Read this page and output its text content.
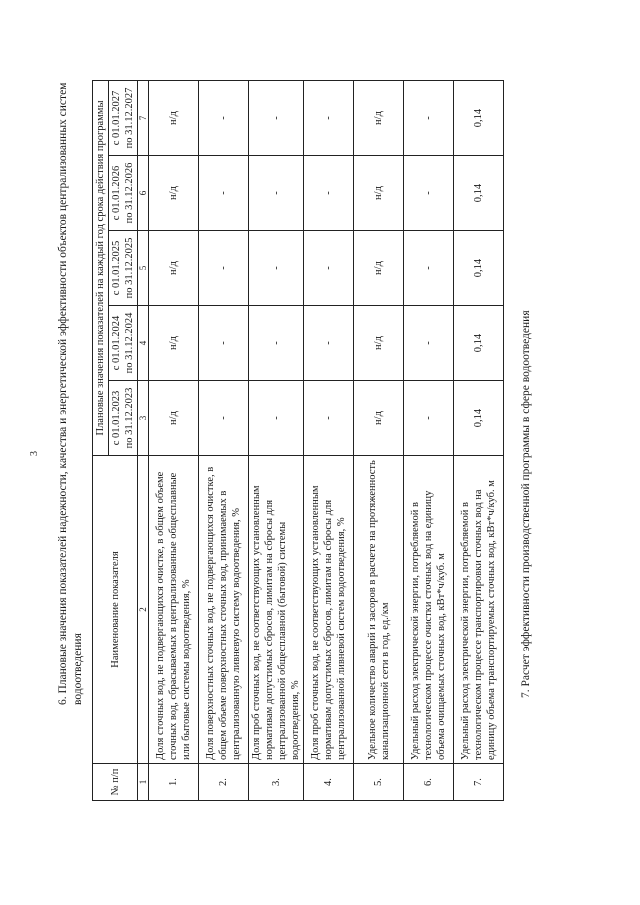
3 6. Плановые значения показателей надежности, качества и энергетической эффективности объектов централизованных систем водоотведения
№ п/п	Наименование показателя	Плановые значения показателей на каждый год срока действия программы				
		с 01.01.2023 по 31.12.2023	с 01.01.2024 по 31.12.2024	с 01.01.2025 по 31.12.2025	с 01.01.2026 по 31.12.2026	с 01.01.2027 по 31.12.2027
1	2	3	4	5	6	7
1.	Доля сточных вод, не подвергающихся очистке, в общем объеме сточных вод, сбрасываемых в централизованные общесплавные или бытовые системы водоотведения, %	н/д	н/д	н/д	н/д	н/д
2.	Доля поверхностных сточных вод, не подвергающихся очистке, в общем объеме поверхностных сточных вод, принимаемых в централизованную ливневую систему водоотведения, %	-	-	-	-	-
3.	Доля проб сточных вод, не соответствующих установленным нормативам допустимых сбросов, лимитам на сбросы для централизованной общесплавной (бытовой) системы водоотведения, %	-	-	-	-	-
4.	Доля проб сточных вод, не соответствующих установленным нормативам допустимых сбросов, лимитам на сбросы для централизованной ливневой систем водоотведения, %	-	-	-	-	-
5.	Удельное количество аварий и засоров в расчете на протяженность канализационной сети в год, ед./км	н/д	н/д	н/д	н/д	н/д
6.	Удельный расход электрической энергии, потребляемой в технологическом процессе очистки сточных вод на единицу объема очищаемых сточных вод, кВт*ч/куб. м	-	-	-	-	-
7.	Удельный расход электрической энергии, потребляемой в технологическом процессе транспортировки сточных вод на единицу объема транспортируемых сточных вод, кВт*ч/куб. м	0,14	0,14	0,14	0,14	0,14
7. Расчет эффективности производственной программы в сфере водоотведения
